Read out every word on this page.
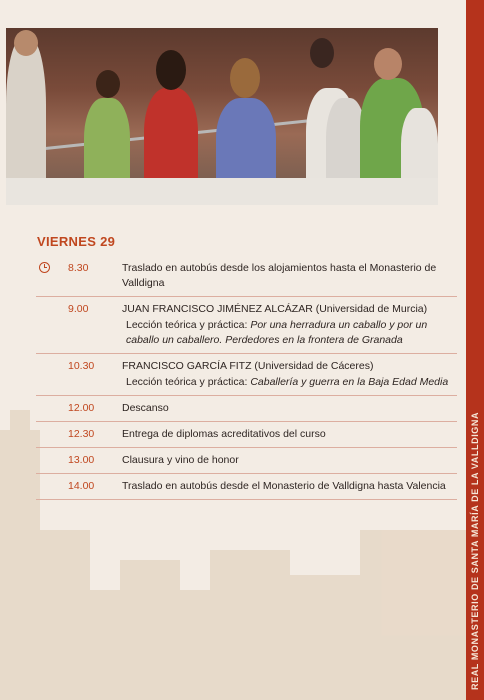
REAL MONASTERIO DE SANTA MARÍA DE LA VALLDIGNA
VIERNES 29
8.30	Traslado en autobús desde los alojamientos hasta el Monasterio de Valldigna
9.00	JUAN FRANCISCO JIMÉNEZ ALCÁZAR (Universidad de Murcia)
Lección teórica y práctica: Por una herradura un caballo y por un caballo un caballero. Perdedores en la frontera de Granada
10.30	FRANCISCO GARCÍA FITZ (Universidad de Cáceres)
Lección teórica y práctica: Caballería y guerra en la Baja Edad Media
12.00	Descanso
12.30	Entrega de diplomas acreditativos del curso
13.00	Clausura y vino de honor
14.00	Traslado en autobús desde el Monasterio de Valldigna hasta Valencia
